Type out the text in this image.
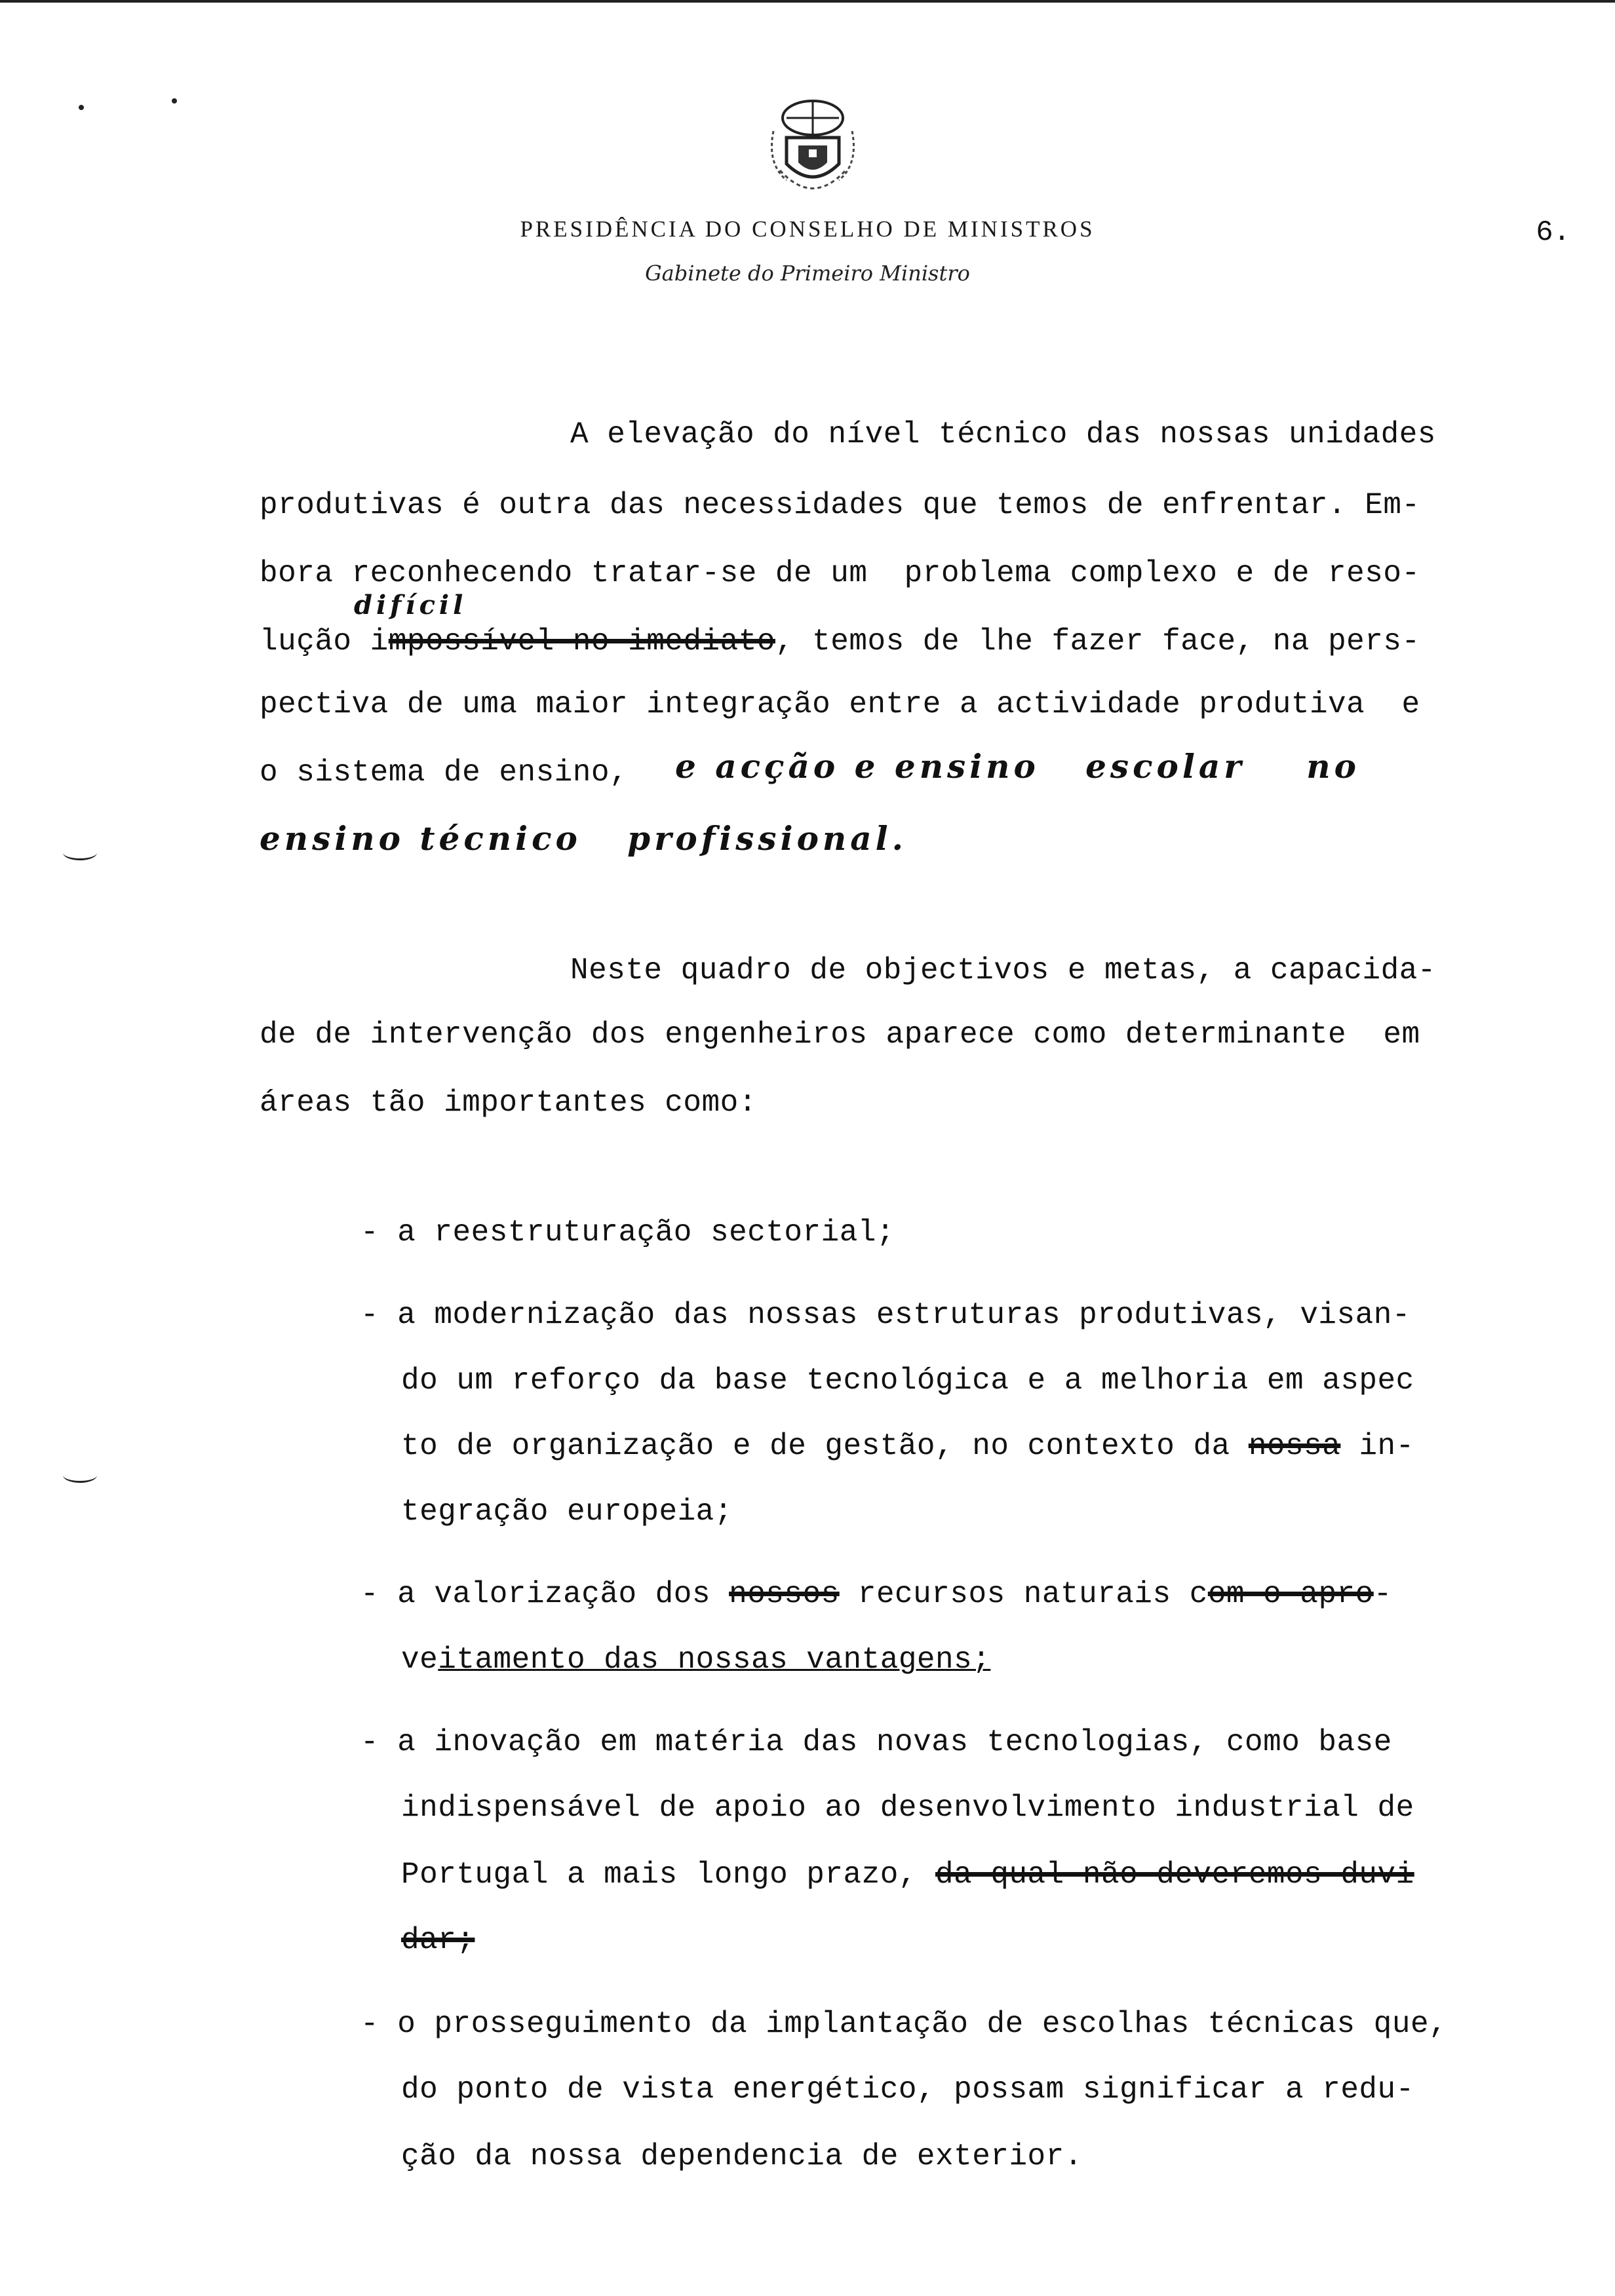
PRESIDÊNCIA DO CONSELHO DE MINISTROS
Gabinete do Primeiro Ministro
6.
A elevação do nível técnico das nossas unidades
produtivas é outra das necessidades que temos de enfrentar. Em-
bora reconhecendo tratar-se de um  problema complexo e de reso-
difícil
lução impossível no imediato, temos de lhe fazer face, na pers-
pectiva de uma maior integração entre a actividade produtiva  e
o sistema de ensino, e acção e ensino   escolar    no
ensino técnico   profissional.
Neste quadro de objectivos e metas, a capacida-
de de intervenção dos engenheiros aparece como determinante  em
áreas tão importantes como:
- a reestruturação sectorial;
- a modernização das nossas estruturas produtivas, visan-
do um reforço da base tecnológica e a melhoria em aspec
to de organização e de gestão, no contexto da nossa in-
tegração europeia;
- a valorização dos nossos recursos naturais com o apro-
veitamento das nossas vantagens;
- a inovação em matéria das novas tecnologias, como base
indispensável de apoio ao desenvolvimento industrial de
Portugal a mais longo prazo, da qual não deveremos duvi
dar;
- o prosseguimento da implantação de escolhas técnicas que,
do ponto de vista energético, possam significar a redu-
ção da nossa dependencia de exterior.
